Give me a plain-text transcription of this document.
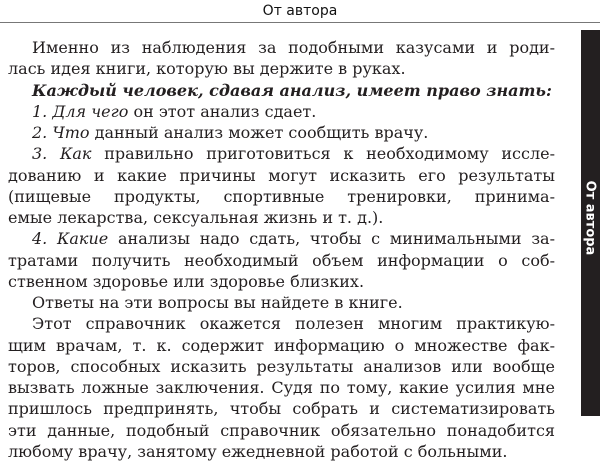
От автора
От автора
Именно из наблюдения за подобными казусами и роди-
лась идея книги, которую вы держите в руках.
Каждый человек, сдавая анализ, имеет право знать:
1. Для чего он этот анализ сдает.
2. Что данный анализ может сообщить врачу.
3. Как правильно приготовиться к необходимому иссле-
дованию и какие причины могут исказить его результаты
(пищевые продукты, спортивные тренировки, принима-
емые лекарства, сексуальная жизнь и т. д.).
4. Какие анализы надо сдать, чтобы с минимальными за-
тратами получить необходимый объем информации о соб-
ственном здоровье или здоровье близких.
Ответы на эти вопросы вы найдете в книге.
Этот справочник окажется полезен многим практикую-
щим врачам, т. к. содержит информацию о множестве фак-
торов, способных исказить результаты анализов или вообще
вызвать ложные заключения. Судя по тому, какие усилия мне
пришлось предпринять, чтобы собрать и систематизировать
эти данные, подобный справочник обязательно понадобится
любому врачу, занятому ежедневной работой с больными.
